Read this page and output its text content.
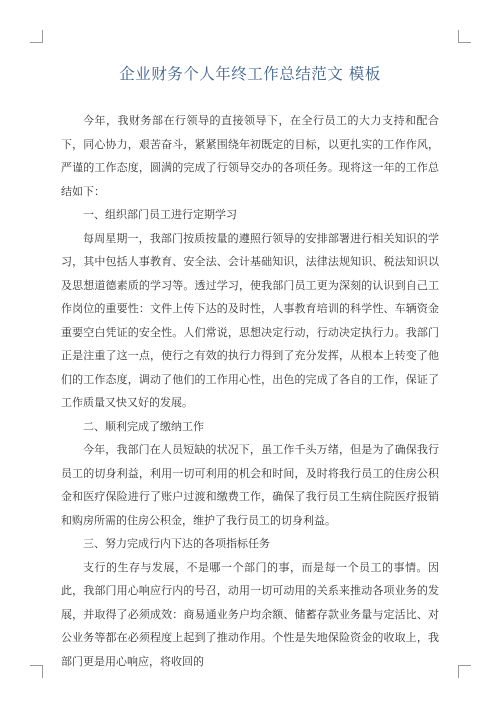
企业财务个人年终工作总结范文 模板

今年，我财务部在行领导的直接领导下，在全行员工的大力支持和配合下，同心协力，艰苦奋斗，紧紧围绕年初既定的目标，以更扎实的工作作风，严谨的工作态度，圆满的完成了行领导交办的各项任务。现将这一年的工作总结如下：

一、组织部门员工进行定期学习

每周星期一，我部门按质按量的遵照行领导的安排部署进行相关知识的学习，其中包括人事教育、安全法、会计基础知识，法律法规知识、税法知识以及思想道德素质的学习等。透过学习，使我部门员工更为深刻的认识到自己工作岗位的重要性：文件上传下达的及时性，人事教育培训的科学性、车辆资金重要空白凭证的安全性。人们常说，思想决定行动，行动决定执行力。我部门正是注重了这一点，使行之有效的执行力得到了充分发挥，从根本上转变了他们的工作态度，调动了他们的工作用心性，出色的完成了各自的工作，保证了工作质量又快又好的发展。

二、顺利完成了缴纳工作

今年，我部门在人员短缺的状况下，虽工作千头万绪，但是为了确保我行员工的切身利益，利用一切可利用的机会和时间，及时将我行员工的住房公积金和医疗保险进行了账户过渡和缴费工作，确保了我行员工生病住院医疗报销和购房所需的住房公积金，维护了我行员工的切身利益。

三、努力完成行内下达的各项指标任务

支行的生存与发展，不是哪一个部门的事，而是每一个员工的事情。因此，我部门用心响应行内的号召，动用一切可动用的关系来推动各项业务的发展，并取得了必须成效：商易通业务户均余额、储蓄存款业务量与定活比、对公业务等都在必须程度上起到了推动作用。个性是失地保险资金的收取上，我部门更是用心响应，将收回的
